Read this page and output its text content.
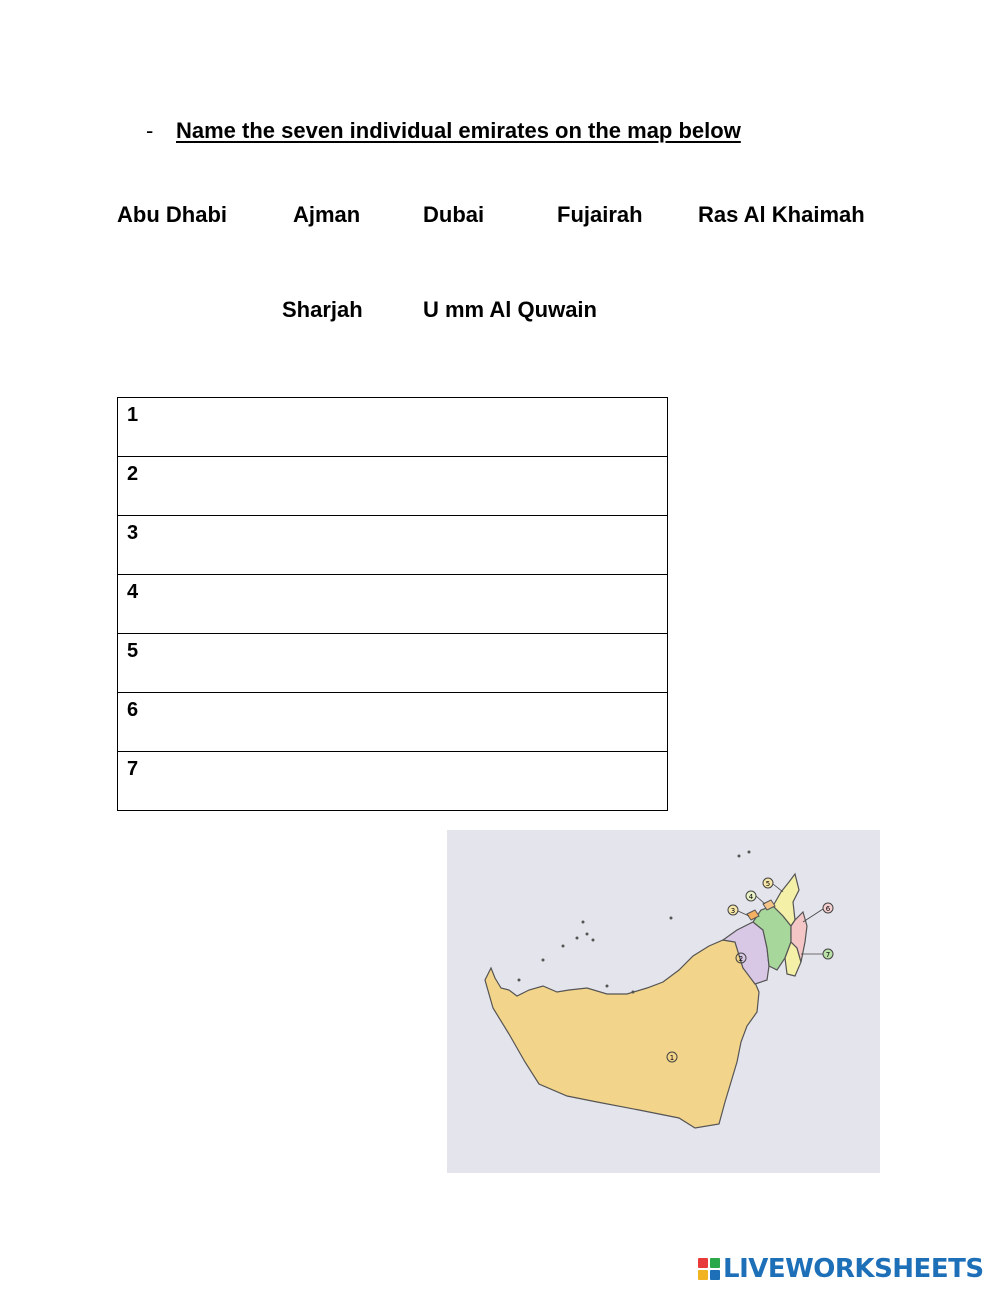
-	Name the seven individual emirates on the map below
Abu Dhabi	Ajman	Dubai	Fujairah	Ras Al Khaimah
Sharjah	U mm Al Quwain
1
2
3
4
5
6
7
1
2
3
4
5
6
7
LIVEWORKSHEETS
